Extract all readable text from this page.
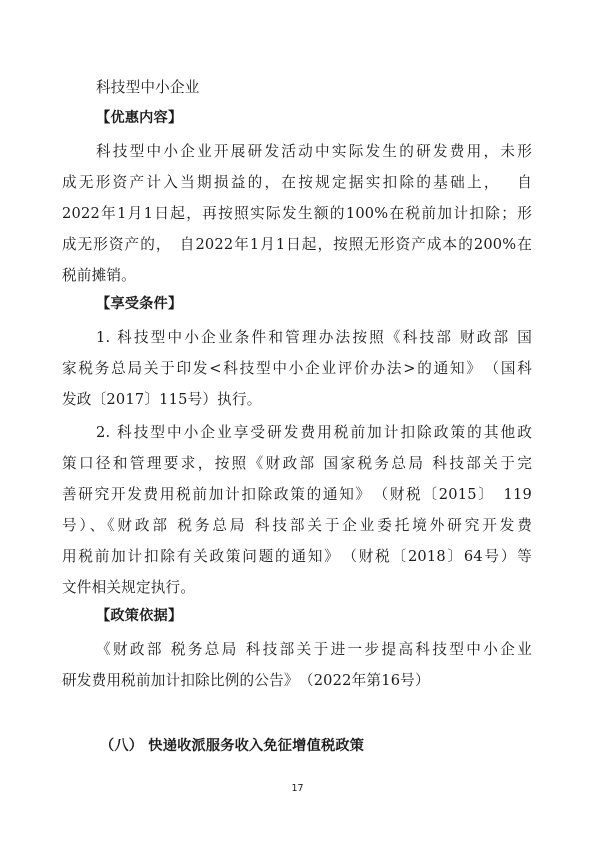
科技型中小企业
【优惠内容】
科技型中小企业开展研发活动中实际发生的研发费用，未形
成无形资产计入当期损益的，在按规定据实扣除的基础上，　 自
2022年1月1日起，再按照实际发生额的100%在税前加计扣除；形
成无形资产的，　自2022年1月1日起，按照无形资产成本的200%在
税前摊销。
【享受条件】
1. 科技型中小企业条件和管理办法按照《科技部 财政部 国
家税务总局关于印发<科技型中小企业评价办法>的通知》　（国科
发政〔2017〕115号）执行。
2. 科技型中小企业享受研发费用税前加计扣除政策的其他政
策口径和管理要求，按照《财政部 国家税务总局 科技部关于完
善研究开发费用税前加计扣除政策的通知》　（财税〔2015〕　119
号）、《财政部 税务总局 科技部关于企业委托境外研究开发费
用税前加计扣除有关政策问题的通知》　（财税〔2018〕64号）等
文件相关规定执行。
【政策依据】
《财政部 税务总局 科技部关于进一步提高科技型中小企业
研发费用税前加计扣除比例的公告》　（2022年第16号）
（八） 快递收派服务收入免征增值税政策
17
